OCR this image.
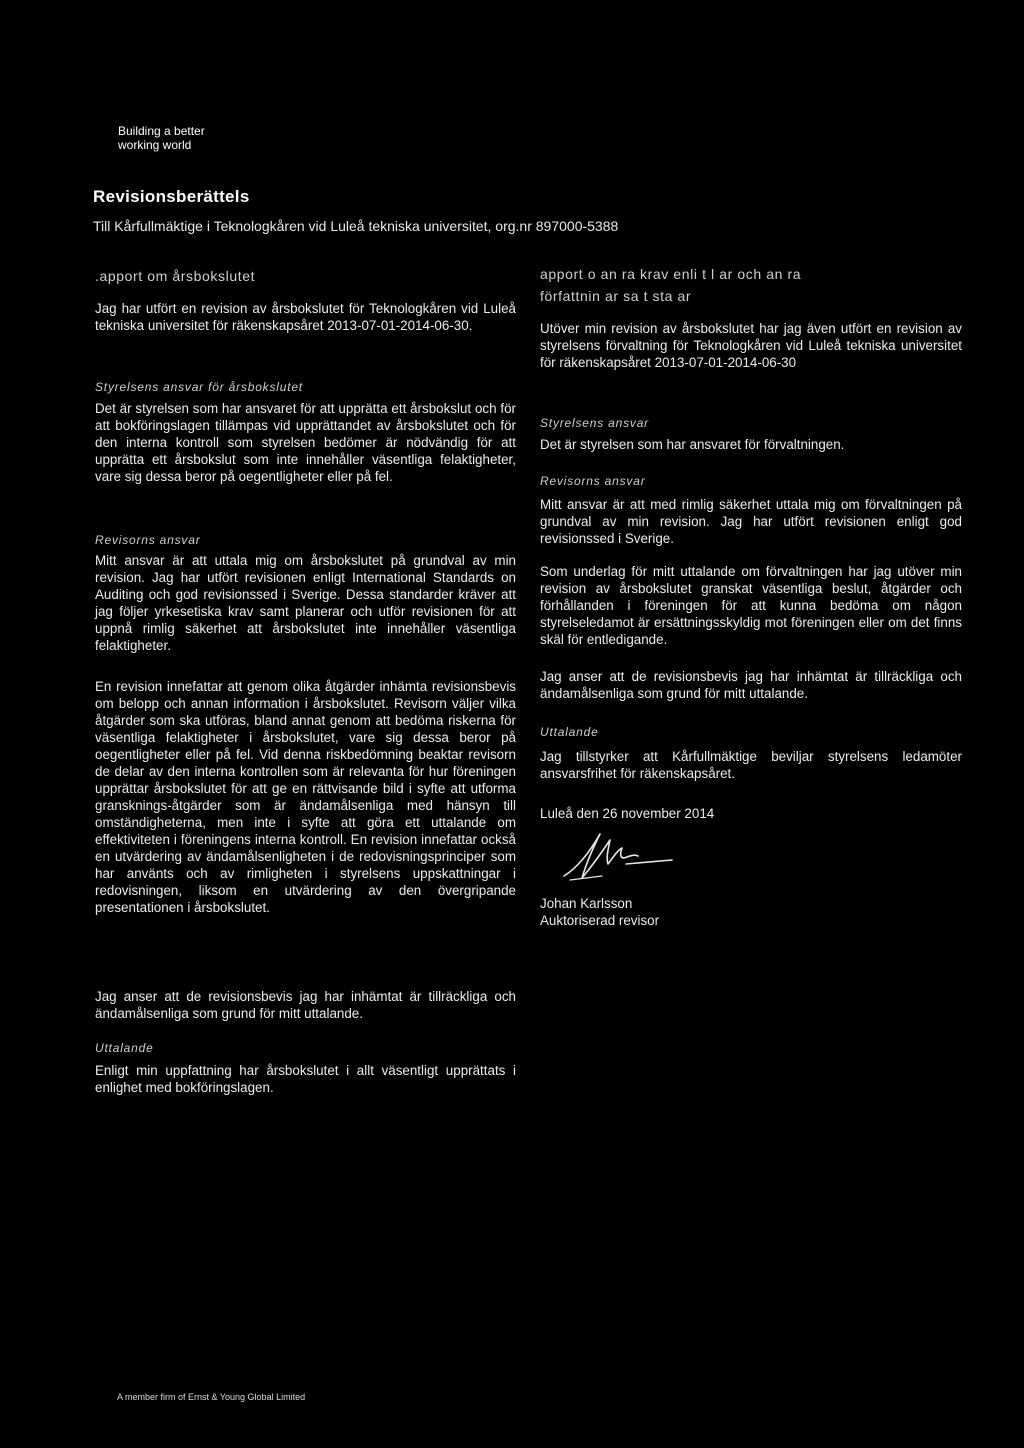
Building a better
working world
Revisionsberättels
Till Kårfullmäktige i Teknologkåren vid Luleå tekniska universitet, org.nr 897000-5388
.apport om årsbokslutet

Jag har utfört en revision av årsbokslutet för Teknologkåren vid Luleå tekniska universitet för räkenskapsåret 2013-07-01-2014-06-30.

Styrelsens ansvar för årsbokslutet

Det är styrelsen som har ansvaret för att upprätta ett årsbokslut och för att bokföringslagen tillämpas vid upprättandet av årsbokslutet och för den interna kontroll som styrelsen bedömer är nödvändig för att upprätta ett årsbokslut som inte innehåller väsentliga felaktigheter, vare sig dessa beror på oegentligheter eller på fel.

Revisorns ansvar

Mitt ansvar är att uttala mig om årsbokslutet på grundval av min revision. Jag har utfört revisionen enligt International Standards on Auditing och god revisionssed i Sverige. Dessa standarder kräver att jag följer yrkesetiska krav samt planerar och utför revisionen för att uppnå rimlig säkerhet att årsbokslutet inte innehåller väsentliga felaktigheter.

En revision innefattar att genom olika åtgärder inhämta revisionsbevis om belopp och annan information i årsbokslutet. Revisorn väljer vilka åtgärder som ska utföras, bland annat genom att bedöma riskerna för väsentliga felaktigheter i årsbokslutet, vare sig dessa beror på oegentligheter eller på fel. Vid denna riskbedömning beaktar revisorn de delar av den interna kontrollen som är relevanta för hur föreningen upprättar årsbokslutet för att ge en rättvisande bild i syfte att utforma gransknings-åtgärder som är ändamålsenliga med hänsyn till omständigheterna, men inte i syfte att göra ett uttalande om effektiviteten i föreningens interna kontroll. En revision innefattar också en utvärdering av ändamålsenligheten i de redovisningsprinciper som har använts och av rimligheten i styrelsens uppskattningar i redovisningen, liksom en utvärdering av den övergripande presentationen i årsbokslutet.

Jag anser att de revisionsbevis jag har inhämtat är tillräckliga och ändamålsenliga som grund för mitt uttalande.

Uttalande

Enligt min uppfattning har årsbokslutet i allt väsentligt upprättats i enlighet med bokföringslagen.

apport o an ra krav enli t l ar och an ra
författnin ar sa t sta ar

Utöver min revision av årsbokslutet har jag även utfört en revision av styrelsens förvaltning för Teknologkåren vid Luleå tekniska universitet för räkenskapsåret 2013-07-01-2014-06-30

Styrelsens ansvar

Det är styrelsen som har ansvaret för förvaltningen.

Revisorns ansvar

Mitt ansvar är att med rimlig säkerhet uttala mig om förvaltningen på grundval av min revision. Jag har utfört revisionen enligt god revisionssed i Sverige.

Som underlag för mitt uttalande om förvaltningen har jag utöver min revision av årsbokslutet granskat väsentliga beslut, åtgärder och förhållanden i föreningen för att kunna bedöma om någon styrelseledamot är ersättningsskyldig mot föreningen eller om det finns skäl för entledigande.

Jag anser att de revisionsbevis jag har inhämtat är tillräckliga och ändamålsenliga som grund för mitt uttalande.

Uttalande

Jag tillstyrker att Kårfullmäktige beviljar styrelsens ledamöter ansvarsfrihet för räkenskapsåret.

Luleå den 26 november 2014
Johan Karlsson
Auktoriserad revisor
A member firm of Ernst & Young Global Limited
